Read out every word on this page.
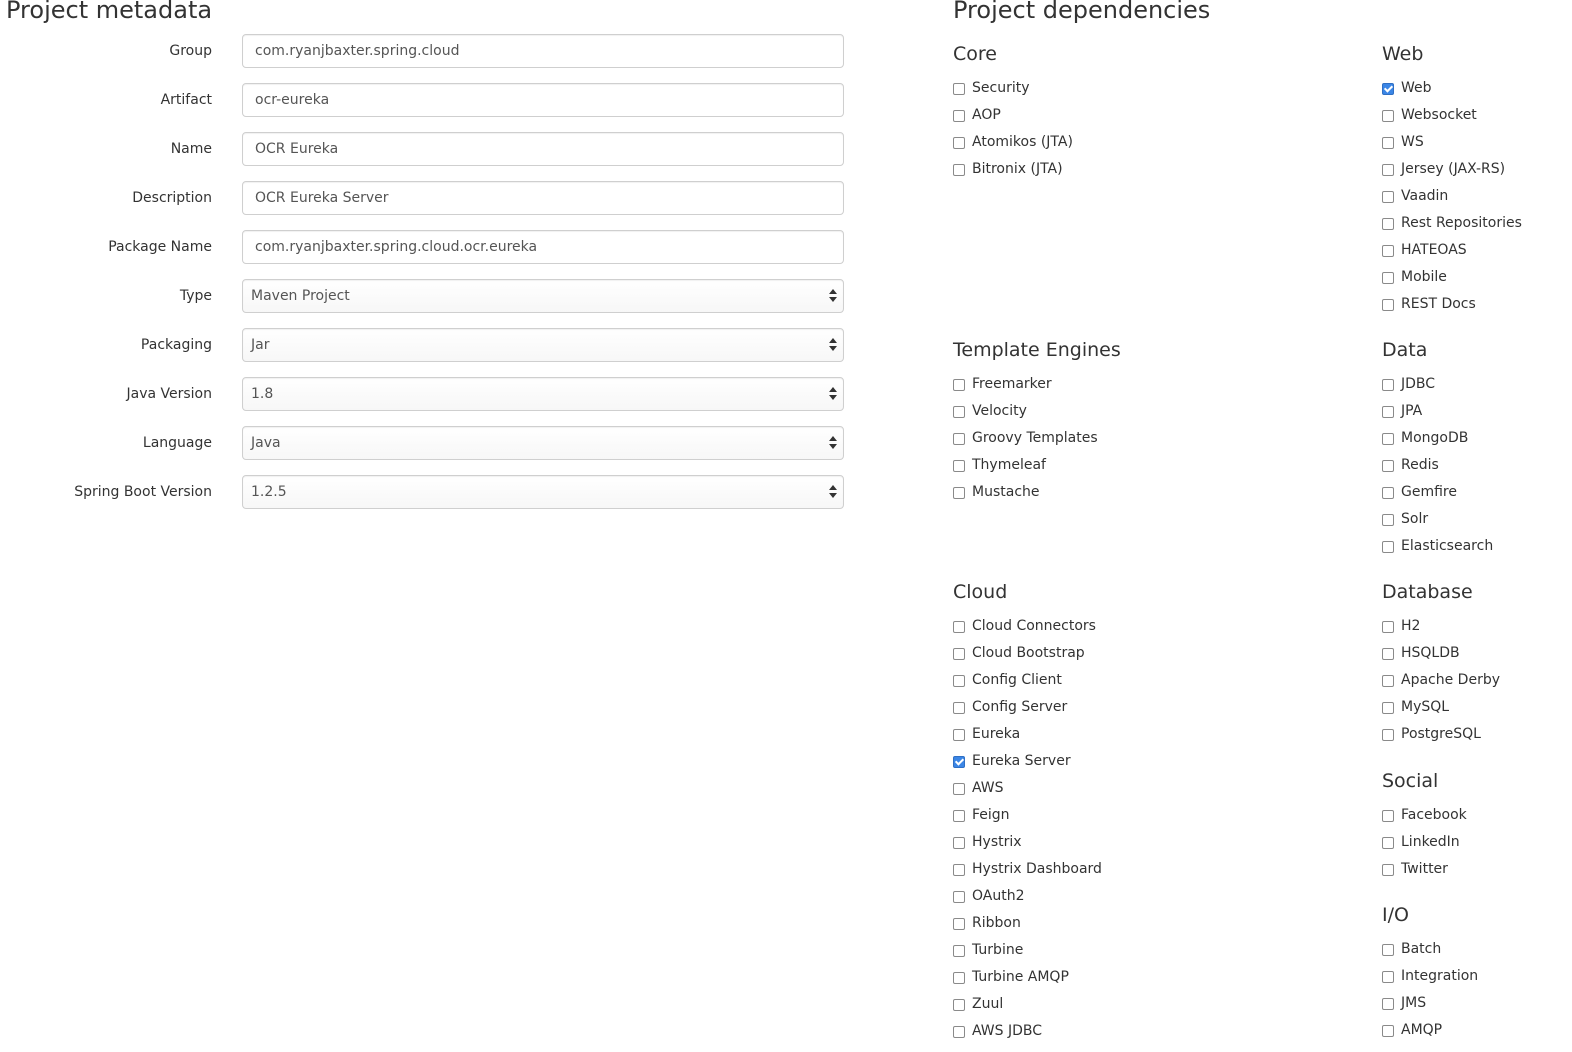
Project metadata	Project dependencies
Group	com.ryanjbaxter.spring.cloud
Artifact	ocr-eureka
Name	OCR Eureka
Description	OCR Eureka Server
Package Name	com.ryanjbaxter.spring.cloud.ocr.eureka
Type	Maven Project
Packaging	Jar
Java Version	1.8
Language	Java
Spring Boot Version	1.2.5
Core
Security
AOP
Atomikos (JTA)
Bitronix (JTA)
Web
Web
Websocket
WS
Jersey (JAX-RS)
Vaadin
Rest Repositories
HATEOAS
Mobile
REST Docs
Template Engines
Freemarker
Velocity
Groovy Templates
Thymeleaf
Mustache
Data
JDBC
JPA
MongoDB
Redis
Gemfire
Solr
Elasticsearch
Cloud
Cloud Connectors
Cloud Bootstrap
Config Client
Config Server
Eureka
Eureka Server
AWS
Feign
Hystrix
Hystrix Dashboard
OAuth2
Ribbon
Turbine
Turbine AMQP
Zuul
AWS JDBC
Database
H2
HSQLDB
Apache Derby
MySQL
PostgreSQL
Social
Facebook
LinkedIn
Twitter
I/O
Batch
Integration
JMS
AMQP
